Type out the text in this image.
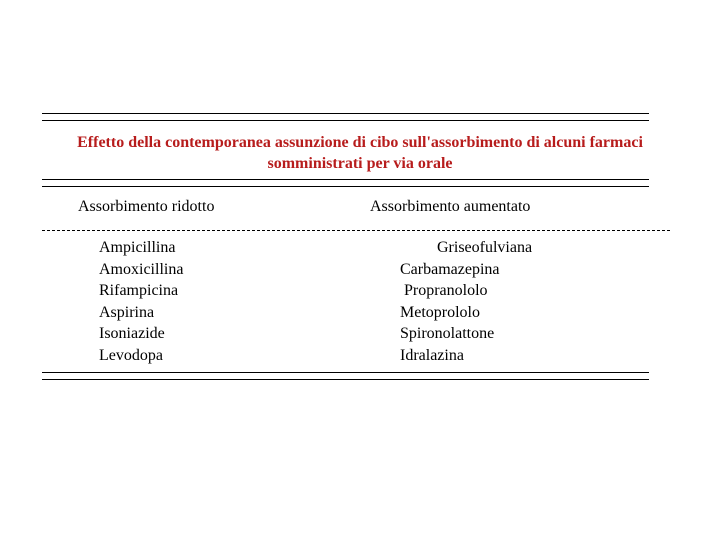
Effetto della contemporanea assunzione di cibo sull'assorbimento di alcuni farmaci
somministrati per via orale
Assorbimento ridotto	Assorbimento aumentato
Ampicillina
Amoxicillina
Rifampicina
Aspirina
Isoniazide
Levodopa
Griseofulviana
Carbamazepina
Propranololo
Metoprololo
Spironolattone
Idralazina
